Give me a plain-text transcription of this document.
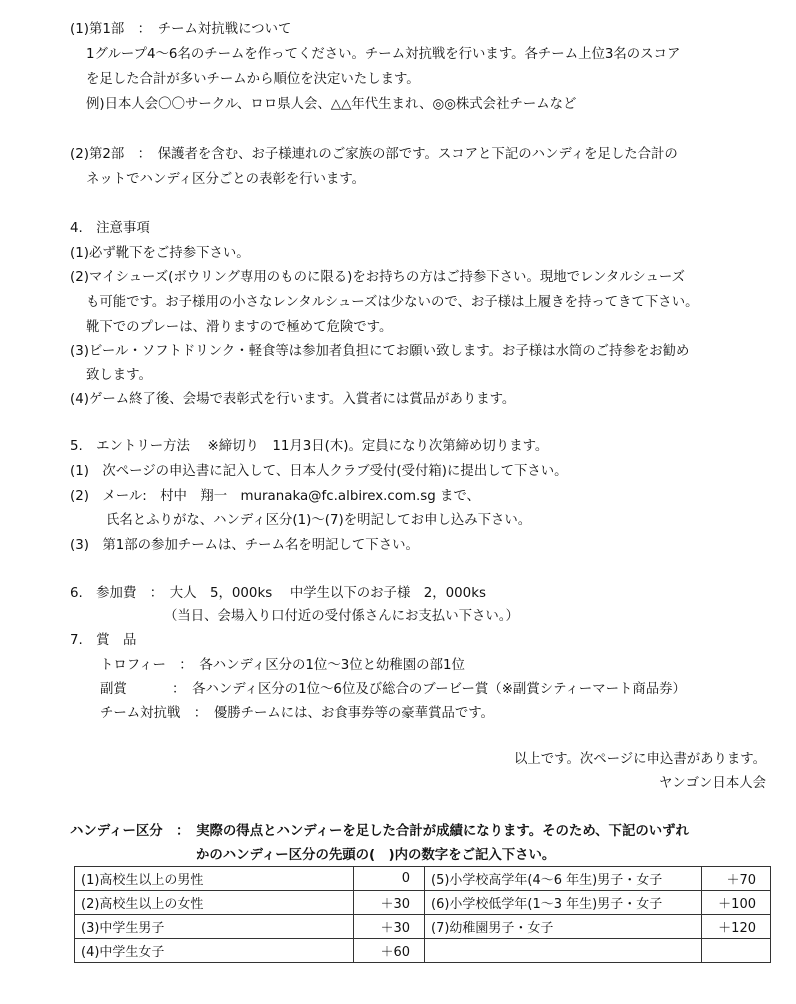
(1)第1部　：　チーム対抗戦について
1グループ4～6名のチームを作ってください。チーム対抗戦を行います。各チーム上位3名のスコア
を足した合計が多いチームから順位を決定いたします。
例)日本人会〇〇サークル、ロロ県人会、△△年代生まれ、◎◎株式会社チームなど
(2)第2部　：　保護者を含む、お子様連れのご家族の部です。スコアと下記のハンディを足した合計の
ネットでハンディ区分ごとの表彰を行います。
4.　注意事項
(1)必ず靴下をご持参下さい。
(2)マイシューズ(ボウリング専用のものに限る)をお持ちの方はご持参下さい。現地でレンタルシューズ
も可能です。お子様用の小さなレンタルシューズは少ないので、お子様は上履きを持ってきて下さい。
靴下でのプレーは、滑りますので極めて危険です。
(3)ビール・ソフトドリンク・軽食等は参加者負担にてお願い致します。お子様は水筒のご持参をお勧め
致します。
(4)ゲーム終了後、会場で表彰式を行います。入賞者には賞品があります。
5.　エントリー方法　 ※締切り　11月3日(木)。定員になり次第締め切ります。
(1)　次ページの申込書に記入して、日本人クラブ受付(受付箱)に提出して下さい。
(2)　メール:　村中　翔一　muranaka@fc.albirex.com.sg まで、
氏名とふりがな、ハンディ区分(1)～(7)を明記してお申し込み下さい。
(3)　第1部の参加チームは、チーム名を明記して下さい。
6.　参加費　：　大人　5，000ks　 中学生以下のお子様　2，000ks
（当日、会場入り口付近の受付係さんにお支払い下さい。）
7.　賞　品
トロフィー　：　各ハンディ区分の1位～3位と幼稚園の部1位
副賞	：　各ハンディ区分の1位～6位及び総合のブービー賞（※副賞シティーマート商品券）
チーム対抗戦　：　優勝チームには、お食事券等の豪華賞品です。
以上です。次ページに申込書があります。
ヤンゴン日本人会
ハンディー区分　：　実際の得点とハンディーを足した合計が成績になります。そのため、下記のいずれ
かのハンディー区分の先頭の(　)内の数字をご記入下さい。
(1)高校生以上の男性	0	(5)小学校高学年(4～6 年生)男子・女子	＋70
(2)高校生以上の女性	＋30	(6)小学校低学年(1～3 年生)男子・女子	＋100
(3)中学生男子	＋30	(7)幼稚園男子・女子	＋120
(4)中学生女子	＋60		
